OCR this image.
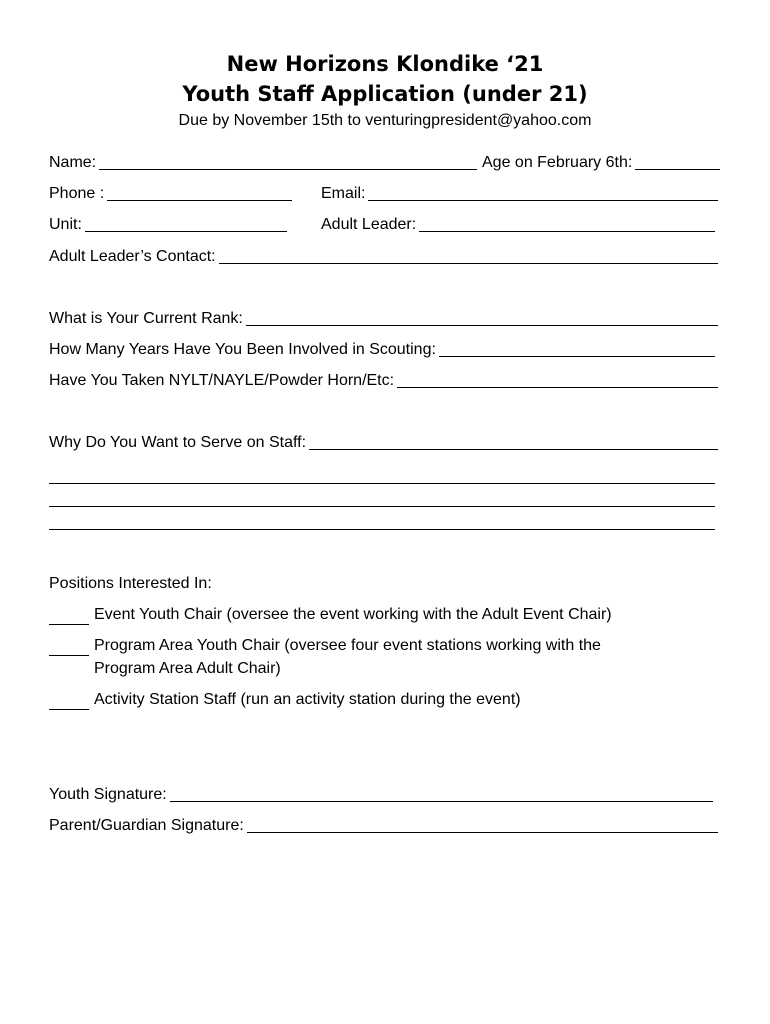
New Horizons Klondike ‘21
Youth Staff Application (under 21)
Due by November 15th to venturingpresident@yahoo.com
Name:	Age on February 6th:
Phone :	Email:
Unit:	Adult Leader:
Adult Leader’s Contact:
What is Your Current Rank:
How Many Years Have You Been Involved in Scouting:
Have You Taken NYLT/NAYLE/Powder Horn/Etc:
Why Do You Want to Serve on Staff:
Positions Interested In:
Event Youth Chair (oversee the event working with the Adult Event Chair)
Program Area Youth Chair (oversee four event stations working with the
Program Area Adult Chair)
Activity Station Staff (run an activity station during the event)
Youth Signature:
Parent/Guardian Signature:
